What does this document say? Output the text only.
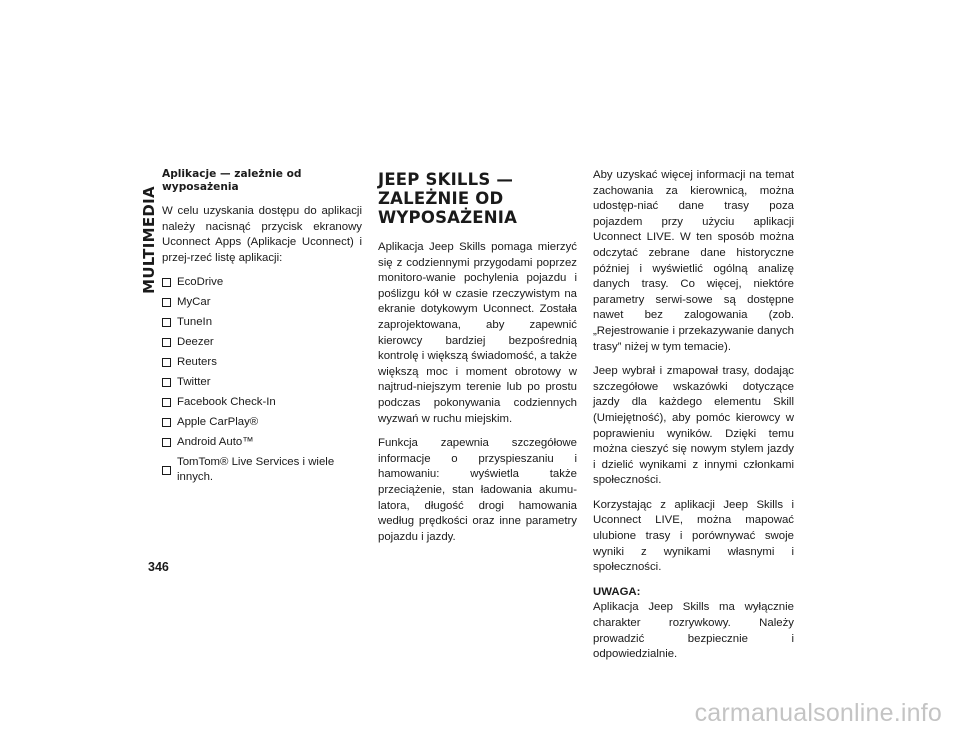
MULTIMEDIA
Aplikacje — zależnie od wyposażenia

W celu uzyskania dostępu do aplikacji należy nacisnąć przycisk ekranowy Uconnect Apps (Aplikacje Uconnect) i przej-rzeć listę aplikacji:

EcoDrive
MyCar
TuneIn
Deezer
Reuters
Twitter
Facebook Check-In
Apple CarPlay®
Android Auto™
TomTom® Live Services i wiele innych.
JEEP SKILLS — ZALEŻNIE OD WYPOSAŻENIA

Aplikacja Jeep Skills pomaga mierzyć się z codziennymi przygodami poprzez monitoro-wanie pochylenia pojazdu i poślizgu kół w czasie rzeczywistym na ekranie dotykowym Uconnect. Została zaprojektowana, aby zapewnić kierowcy bardziej bezpośrednią kontrolę i większą świadomość, a także większą moc i moment obrotowy w najtrud-niejszym terenie lub po prostu podczas pokonywania codziennych wyzwań w ruchu miejskim.

Funkcja zapewnia szczegółowe informacje o przyspieszaniu i hamowaniu: wyświetla także przeciążenie, stan ładowania akumu-latora, długość drogi hamowania według prędkości oraz inne parametry pojazdu i jazdy.

Aby uzyskać więcej informacji na temat zachowania za kierownicą, można udostęp-niać dane trasy poza pojazdem przy użyciu aplikacji Uconnect LIVE. W ten sposób można odczytać zebrane dane historyczne później i wyświetlić ogólną analizę danych trasy. Co więcej, niektóre parametry serwi-sowe są dostępne nawet bez zalogowania (zob. „Rejestrowanie i przekazywanie danych trasy” niżej w tym temacie).

Jeep wybrał i zmapował trasy, dodając szczegółowe wskazówki dotyczące jazdy dla każdego elementu Skill (Umiejętność), aby pomóc kierowcy w poprawieniu wyników. Dzięki temu można cieszyć się nowym stylem jazdy i dzielić wynikami z innymi członkami społeczności.

Korzystając z aplikacji Jeep Skills i Uconnect LIVE, można mapować ulubione trasy i porównywać swoje wyniki z wynikami własnymi i społeczności.

UWAGA:

Aplikacja Jeep Skills ma wyłącznie charakter rozrywkowy. Należy prowadzić bezpiecznie i odpowiedzialnie.

346
carmanualsonline.info
